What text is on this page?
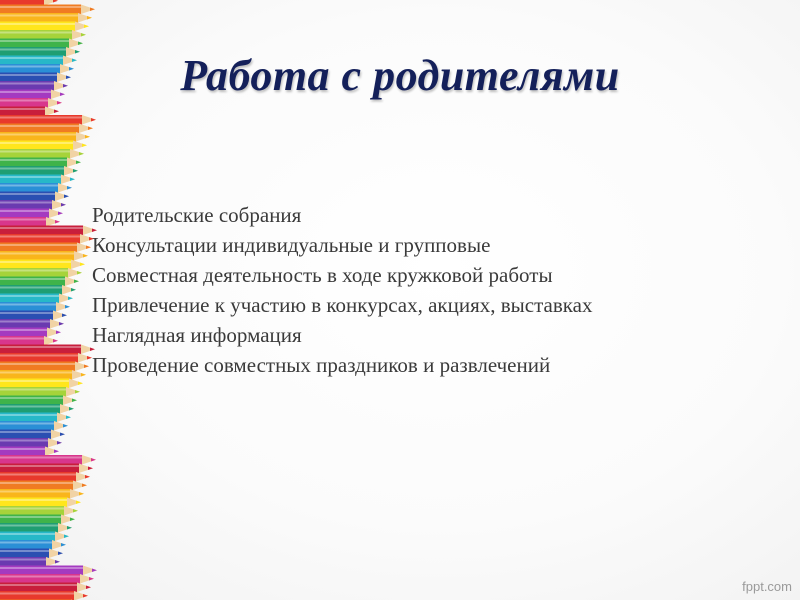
Работа с родителями
Родительские собрания
Консультации индивидуальные и групповые
Совместная деятельность в ходе кружковой работы
Привлечение к участию в конкурсах, акциях, выставках
Наглядная информация
Проведение совместных праздников и развлечений
fppt.com
